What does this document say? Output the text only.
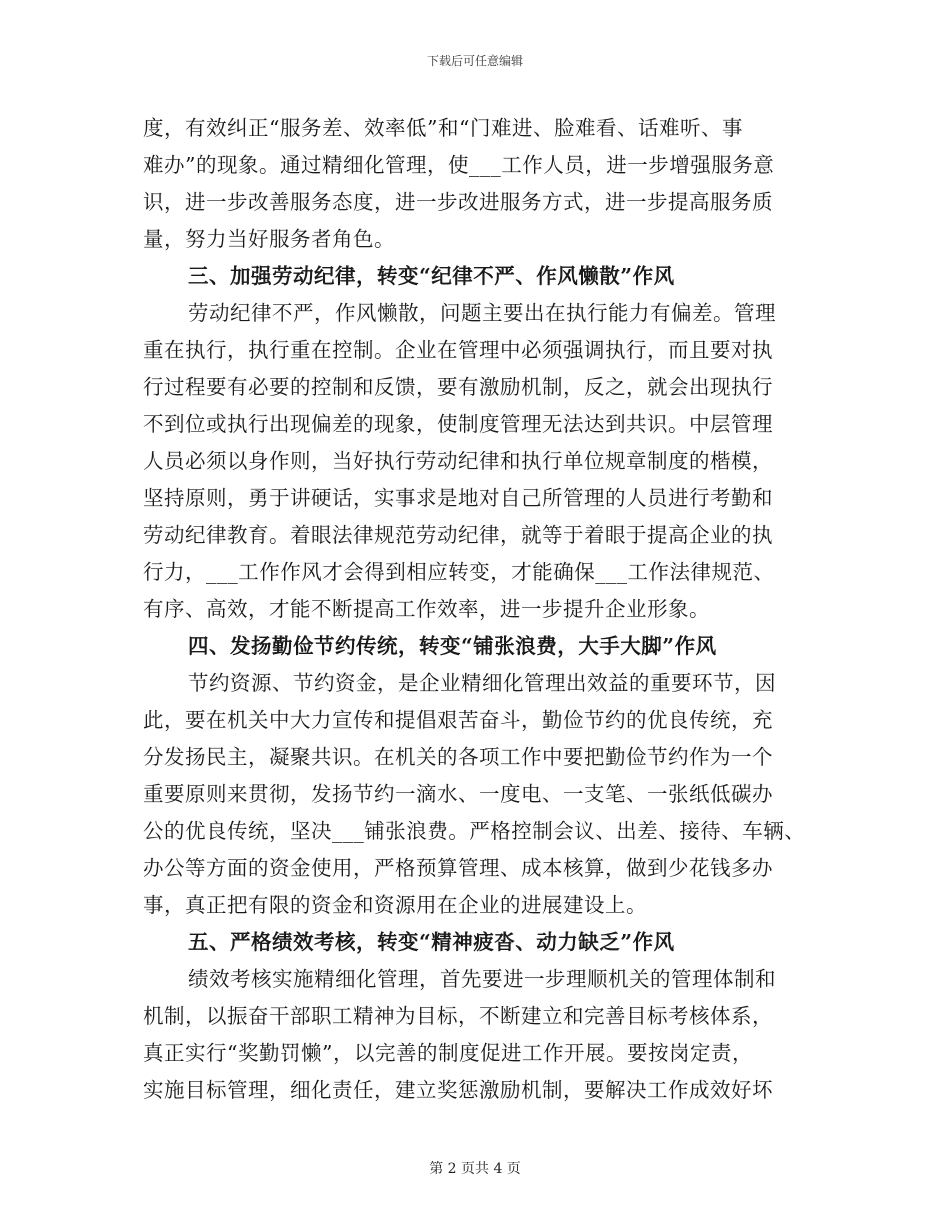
下载后可任意编辑
度，有效纠正“服务差、效率低”和“门难进、脸难看、话难听、事
难办”的现象。通过精细化管理，使___工作人员，进一步增强服务意
识，进一步改善服务态度，进一步改进服务方式，进一步提高服务质
量，努力当好服务者角色。
三、加强劳动纪律，转变“纪律不严、作风懒散”作风
劳动纪律不严，作风懒散，问题主要出在执行能力有偏差。管理
重在执行，执行重在控制。企业在管理中必须强调执行，而且要对执
行过程要有必要的控制和反馈，要有激励机制，反之，就会出现执行
不到位或执行出现偏差的现象，使制度管理无法达到共识。中层管理
人员必须以身作则，当好执行劳动纪律和执行单位规章制度的楷模，
坚持原则，勇于讲硬话，实事求是地对自己所管理的人员进行考勤和
劳动纪律教育。着眼法律规范劳动纪律，就等于着眼于提高企业的执
行力，___工作作风才会得到相应转变，才能确保___工作法律规范、
有序、高效，才能不断提高工作效率，进一步提升企业形象。
四、发扬勤俭节约传统，转变“铺张浪费，大手大脚”作风
节约资源、节约资金，是企业精细化管理出效益的重要环节，因
此，要在机关中大力宣传和提倡艰苦奋斗，勤俭节约的优良传统，充
分发扬民主，凝聚共识。在机关的各项工作中要把勤俭节约作为一个
重要原则来贯彻，发扬节约一滴水、一度电、一支笔、一张纸低碳办
公的优良传统，坚决___铺张浪费。严格控制会议、出差、接待、车辆、
办公等方面的资金使用，严格预算管理、成本核算，做到少花钱多办
事，真正把有限的资金和资源用在企业的进展建设上。
五、严格绩效考核，转变“精神疲沓、动力缺乏”作风
绩效考核实施精细化管理，首先要进一步理顺机关的管理体制和
机制，以振奋干部职工精神为目标，不断建立和完善目标考核体系，
真正实行“奖勤罚懒”，以完善的制度促进工作开展。要按岗定责，
实施目标管理，细化责任，建立奖惩激励机制，要解决工作成效好坏
第 2 页共 4 页
